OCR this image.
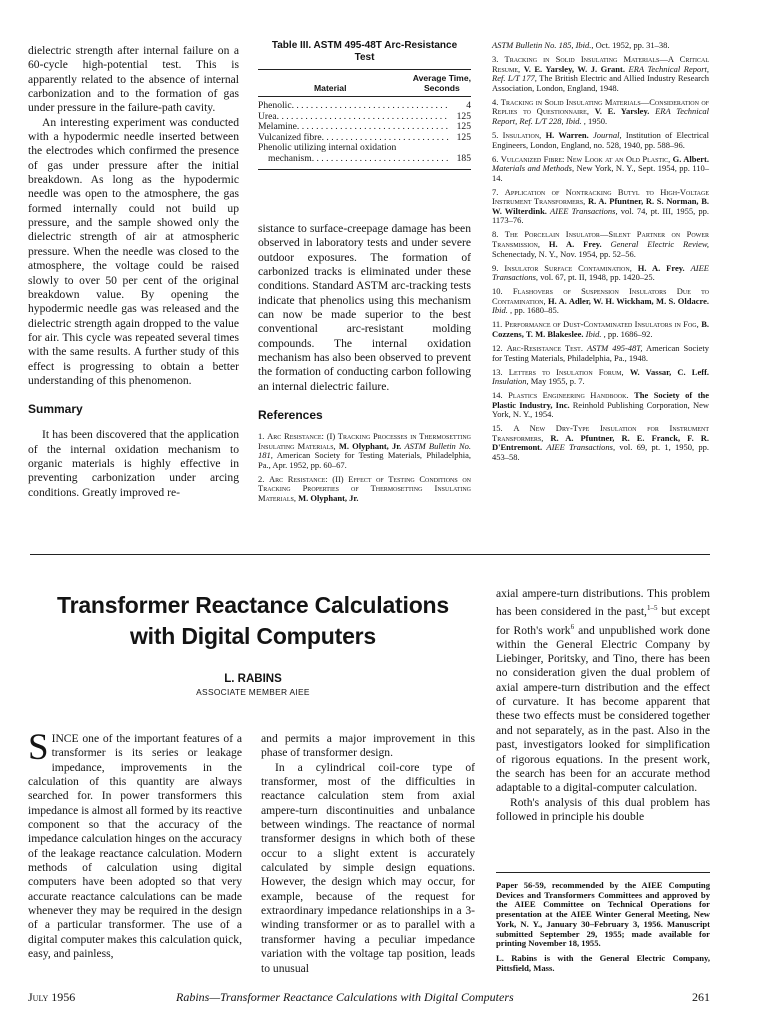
dielectric strength after internal failure on a 60-cycle high-potential test. This is apparently related to the absence of internal carbonization and to the formation of gas under pressure in the failure-path cavity.

An interesting experiment was conducted with a hypodermic needle inserted between the electrodes which confirmed the presence of gas under pressure after the initial breakdown. As long as the hypodermic needle was open to the atmosphere, the gas formed internally could not build up pressure, and the sample showed only the dielectric strength of air at atmospheric pressure. When the needle was closed to the atmosphere, the voltage could be raised slowly to over 50 per cent of the original breakdown value. By opening the hypodermic needle gas was released and the dielectric strength again dropped to the value for air. This cycle was repeated several times with the same results. A further study of this effect is progressing to obtain a better understanding of this phenomenon.

Summary

It has been discovered that the application of the internal oxidation mechanism to organic materials is highly effective in preventing carbonization under arcing conditions. Greatly improved re-

Table III. ASTM 495-48T Arc-Resistance
Test
Material
Average Time,
Seconds
Phenolic . . .	4
Urea . . .	125
Melamine . . .	125
Vulcanized fibre . . .	125
Phenolic utilizing internal oxidation
mechanism . . .	185

sistance to surface-creepage damage has been observed in laboratory tests and under severe outdoor exposures. The formation of carbonized tracks is eliminated under these conditions. Standard ASTM arc-tracking tests indicate that phenolics using this mechanism can now be made superior to the best conventional arc-resistant molding compounds. The internal oxidation mechanism has also been observed to prevent the formation of conducting carbon following an internal dielectric failure.

References

1. Arc Resistance: (I) Tracking Processes in Thermosetting Insulating Materials, M. Olyphant, Jr. ASTM Bulletin No. 181, American Society for Testing Materials, Philadelphia, Pa., Apr. 1952, pp. 60–67.

2. Arc Resistance: (II) Effect of Testing Conditions on Tracking Properties of Thermosetting Insulating Materials, M. Olyphant, Jr.

ASTM Bulletin No. 185, Ibid., Oct. 1952, pp. 31–38.

3. Tracking in Solid Insulating Materials—A Critical Resume, V. E. Yarsley, W. J. Grant. ERA Technical Report, Ref. L/T 177, The British Electric and Allied Industry Research Association, London, England, 1948.

4. Tracking in Solid Insulating Materials—Consideration of Replies to Questionnaire, V. E. Yarsley. ERA Technical Report, Ref. L/T 228, Ibid. , 1950.

5. Insulation, H. Warren. Journal, Institution of Electrical Engineers, London, England, no. 528, 1940, pp. 588–96.

6. Vulcanized Fibre: New Look at an Old Plastic, G. Albert. Materials and Methods, New York, N. Y., Sept. 1954, pp. 110–14.

7. Application of Nontracking Butyl to High-Voltage Instrument Transformers, R. A. Pfuntner, R. S. Norman, B. W. Wilterdink. AIEE Transactions, vol. 74, pt. III, 1955, pp. 1173–76.

8. The Porcelain Insulator—Silent Partner on Power Transmission, H. A. Frey. General Electric Review, Schenectady, N. Y., Nov. 1954, pp. 52–56.

9. Insulator Surface Contamination, H. A. Frey. AIEE Transactions, vol. 67, pt. II, 1948, pp. 1420–25.

10. Flashovers of Suspension Insulators Due to Contamination, H. A. Adler, W. H. Wickham, M. S. Oldacre. Ibid. , pp. 1680–85.

11. Performance of Dust-Contaminated Insulators in Fog, B. Cozzens, T. M. Blakeslee. Ibid. , pp. 1686–92.

12. Arc-Resistance Test. ASTM 495-48T, American Society for Testing Materials, Philadelphia, Pa., 1948.

13. Letters to Insulation Forum, W. Vassar, C. Leff. Insulation, May 1955, p. 7.

14. Plastics Engineering Handbook. The Society of the Plastic Industry, Inc. Reinhold Publishing Corporation, New York, N. Y., 1954.

15. A New Dry-Type Insulation for Instrument Transformers, R. A. Pfuntner, R. E. Franck, F. R. D'Entremont. AIEE Transactions, vol. 69, pt. 1, 1950, pp. 453–58.

Transformer Reactance Calculations
with Digital Computers
L. RABINS
ASSOCIATE MEMBER AIEE

SINCE one of the important features of a transformer is its series or leakage impedance, improvements in the calculation of this quantity are always searched for. In power transformers this impedance is almost all formed by its reactive component so that the accuracy of the impedance calculation hinges on the accuracy of the leakage reactance calculation. Modern methods of calculation using digital computers have been adopted so that very accurate reactance calculations can be made whenever they may be required in the design of a particular transformer. The use of a digital computer makes this calculation quick, easy, and painless,

and permits a major improvement in this phase of transformer design.

In a cylindrical coil-core type of transformer, most of the difficulties in reactance calculation stem from axial ampere-turn discontinuities and unbalance between windings. The reactance of normal transformer designs in which both of these occur to a slight extent is accurately calculated by simple design equations. However, the design which may occur, for example, because of the request for extraordinary impedance relationships in a 3-winding transformer or as to parallel with a transformer having a peculiar impedance variation with the voltage tap position, leads to unusual

axial ampere-turn distributions. This problem has been considered in the past,$^{1-5}$ but except for Roth's work$^6$ and unpublished work done within the General Electric Company by Liebinger, Poritsky, and Tino, there has been no consideration given the dual problem of axial ampere-turn distribution and the effect of curvature. It has become apparent that these two effects must be considered together and not separately, as in the past. Also in the past, investigators looked for simplification of rigorous equations. In the present work, the search has been for an accurate method adaptable to a digital-computer calculation.

Roth's analysis of this dual problem has followed in principle his double

Paper 56-59, recommended by the AIEE Computing Devices and Transformers Committees and approved by the AIEE Committee on Technical Operations for presentation at the AIEE Winter General Meeting, New York, N. Y., January 30–February 3, 1956. Manuscript submitted September 29, 1955; made available for printing November 18, 1955.

L. Rabins is with the General Electric Company, Pittsfield, Mass.

July 1956	Rabins—Transformer Reactance Calculations with Digital Computers	261
